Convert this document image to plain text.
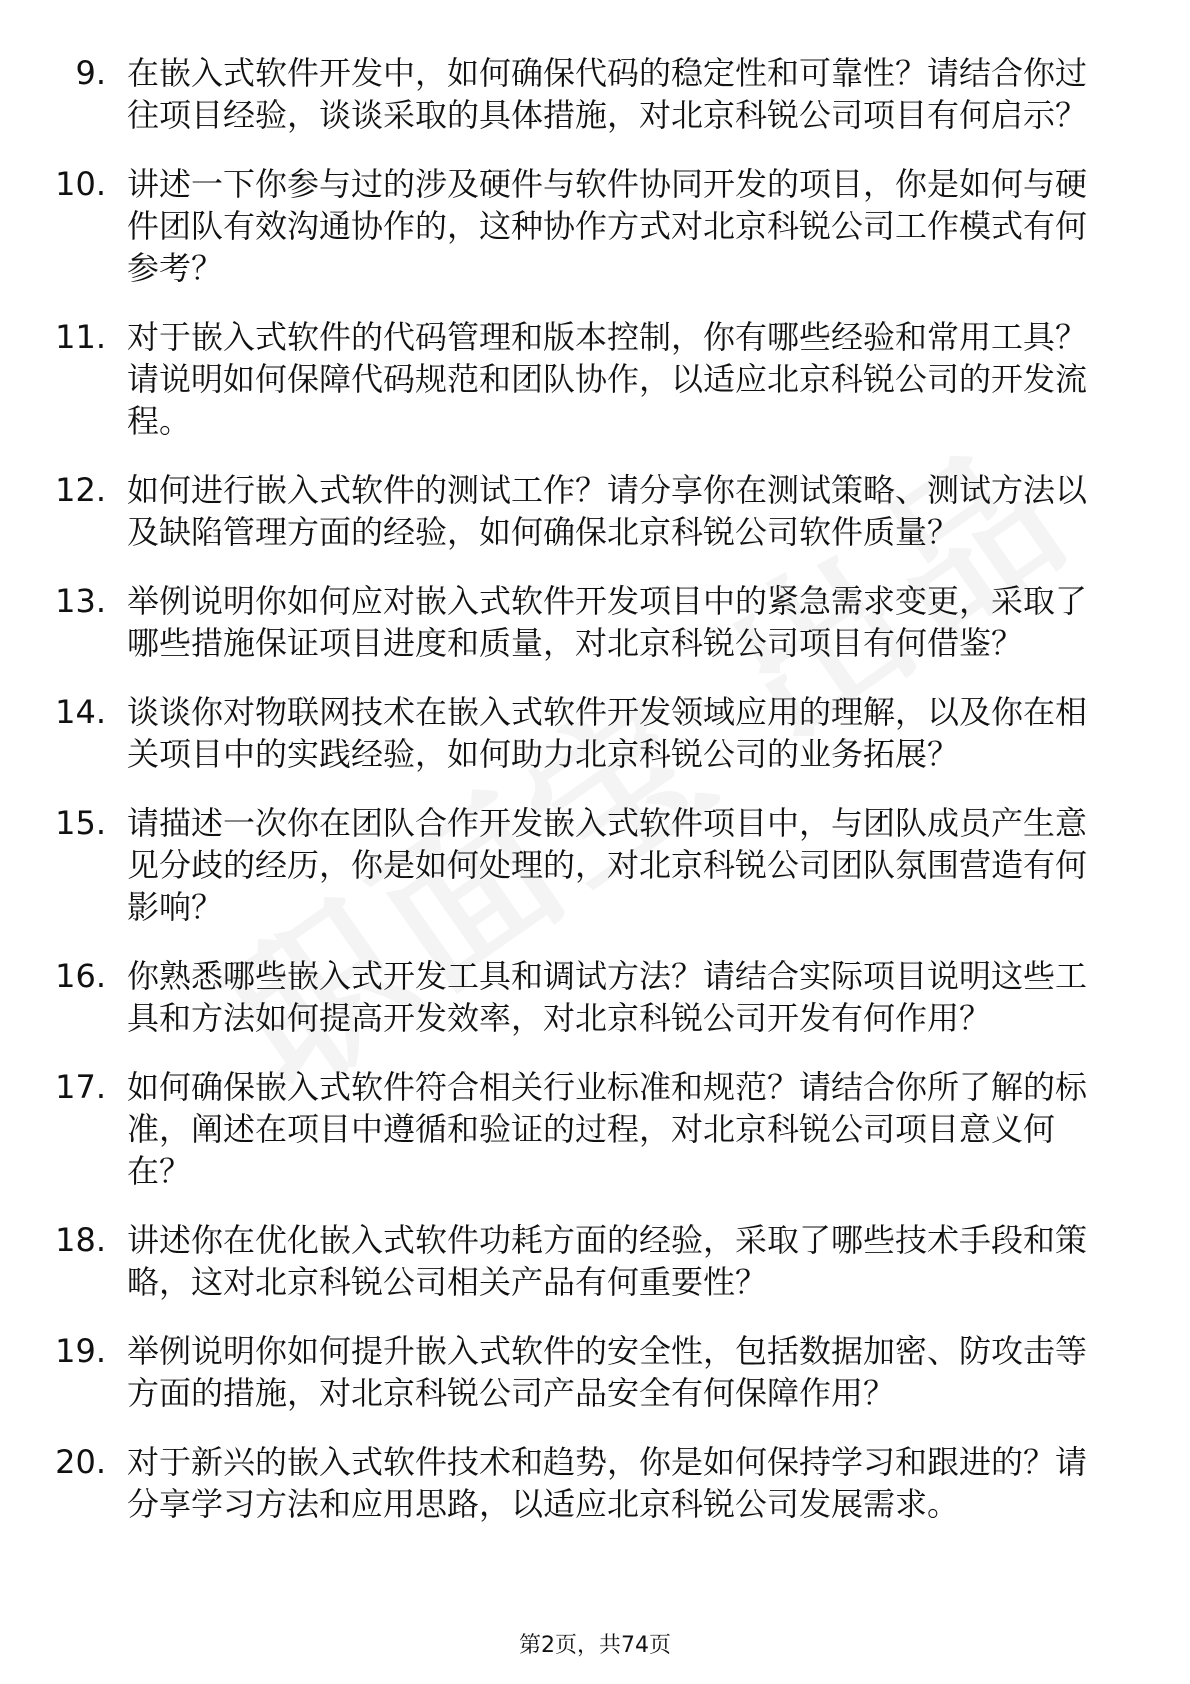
9. 在嵌入式软件开发中，如何确保代码的稳定性和可靠性？请结合你过往项目经验，谈谈采取的具体措施，对北京科锐公司项目有何启示？
10. 讲述一下你参与过的涉及硬件与软件协同开发的项目，你是如何与硬件团队有效沟通协作的，这种协作方式对北京科锐公司工作模式有何参考？
11. 对于嵌入式软件的代码管理和版本控制，你有哪些经验和常用工具？请说明如何保障代码规范和团队协作，以适应北京科锐公司的开发流程。
12. 如何进行嵌入式软件的测试工作？请分享你在测试策略、测试方法以及缺陷管理方面的经验，如何确保北京科锐公司软件质量？
13. 举例说明你如何应对嵌入式软件开发项目中的紧急需求变更，采取了哪些措施保证项目进度和质量，对北京科锐公司项目有何借鉴？
14. 谈谈你对物联网技术在嵌入式软件开发领域应用的理解，以及你在相关项目中的实践经验，如何助力北京科锐公司的业务拓展？
15. 请描述一次你在团队合作开发嵌入式软件项目中，与团队成员产生意见分歧的经历，你是如何处理的，对北京科锐公司团队氛围营造有何影响？
16. 你熟悉哪些嵌入式开发工具和调试方法？请结合实际项目说明这些工具和方法如何提高开发效率，对北京科锐公司开发有何作用？
17. 如何确保嵌入式软件符合相关行业标准和规范？请结合你所了解的标准，阐述在项目中遵循和验证的过程，对北京科锐公司项目意义何在？
18. 讲述你在优化嵌入式软件功耗方面的经验，采取了哪些技术手段和策略，这对北京科锐公司相关产品有何重要性？
19. 举例说明你如何提升嵌入式软件的安全性，包括数据加密、防攻击等方面的措施，对北京科锐公司产品安全有何保障作用？
20. 对于新兴的嵌入式软件技术和趋势，你是如何保持学习和跟进的？请分享学习方法和应用思路，以适应北京科锐公司发展需求。
第2页，共74页
